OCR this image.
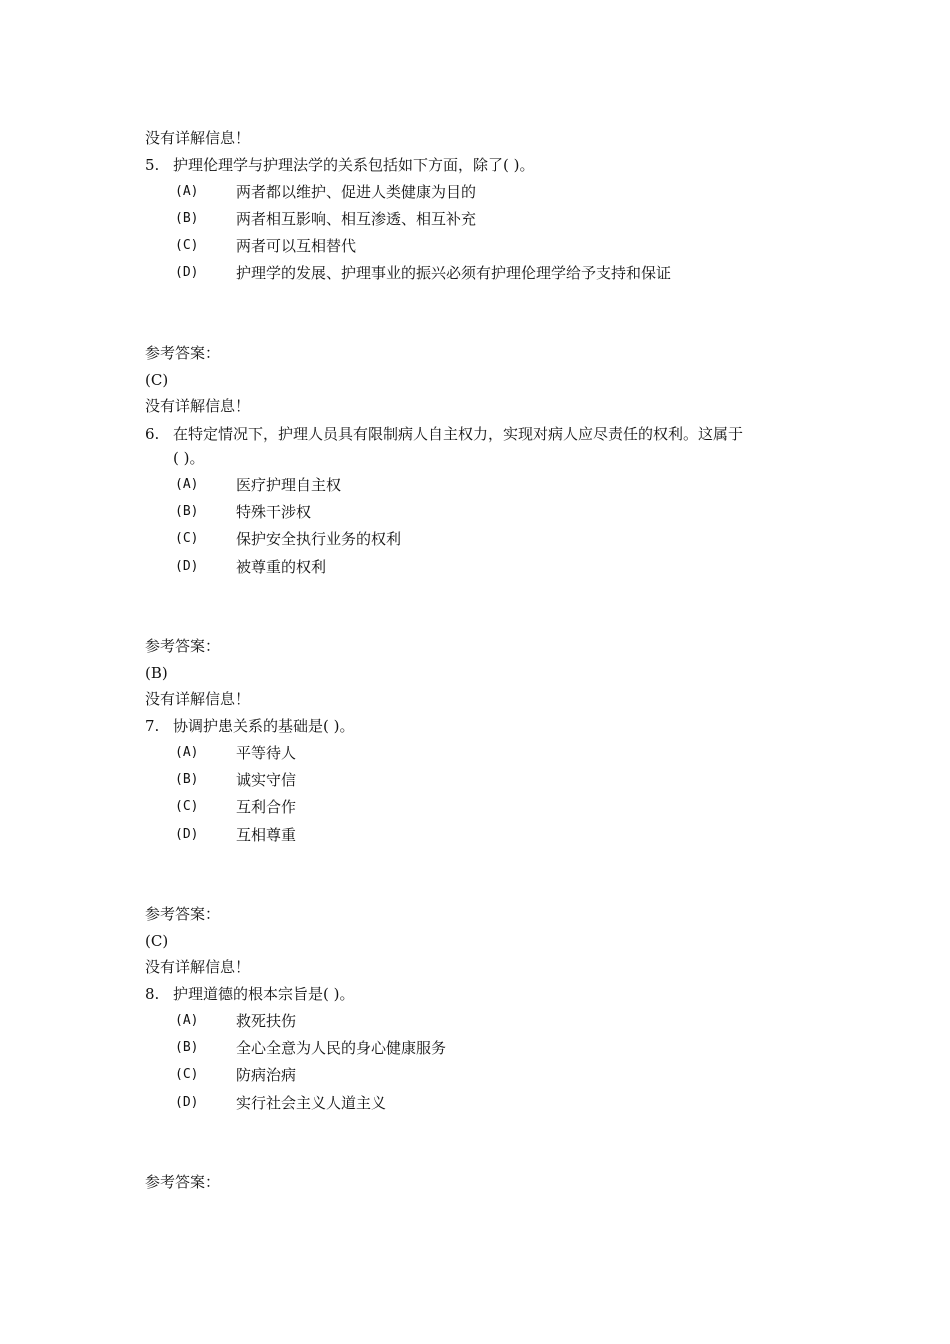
没有详解信息！
5. 护理伦理学与护理法学的关系包括如下方面，除了( )。
(A)	两者都以维护、促进人类健康为目的
(B)	两者相互影响、相互渗透、相互补充
(C)	两者可以互相替代
(D)	护理学的发展、护理事业的振兴必须有护理伦理学给予支持和保证
参考答案：
(C)
没有详解信息！
6. 在特定情况下，护理人员具有限制病人自主权力，实现对病人应尽责任的权利。这属于
( )。
(A)	医疗护理自主权
(B)	特殊干涉权
(C)	保护安全执行业务的权利
(D)	被尊重的权利
参考答案：
(B)
没有详解信息！
7. 协调护患关系的基础是( )。
(A)	平等待人
(B)	诚实守信
(C)	互利合作
(D)	互相尊重
参考答案：
(C)
没有详解信息！
8. 护理道德的根本宗旨是( )。
(A)	救死扶伤
(B)	全心全意为人民的身心健康服务
(C)	防病治病
(D)	实行社会主义人道主义
参考答案：
